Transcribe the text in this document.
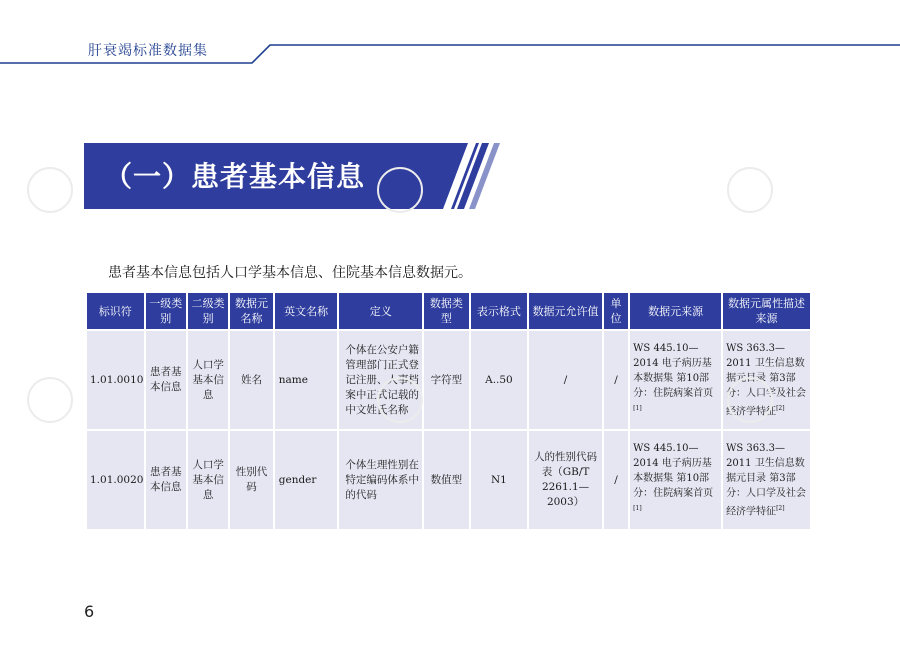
肝衰竭标准数据集
（一）患者基本信息
患者基本信息包括人口学基本信息、住院基本信息数据元。
标识符	一级类别	二级类别	数据元名称	英文名称	定义	数据类型	表示格式	数据元允许值	单位	数据元来源	数据元属性描述来源
1.01.0010	患者基本信息	人口学基本信息	姓名	name	个体在公安户籍管理部门正式登记注册、人事档案中正式记载的中文姓氏名称	字符型	A..50	/	/	WS 445.10—2014 电子病历基本数据集 第10部分：住院病案首页[1]	WS 363.3—2011 卫生信息数据元目录 第3部分：人口学及社会经济学特征[2]
1.01.0020	患者基本信息	人口学基本信息	性别代码	gender	个体生理性别在特定编码体系中的代码	数值型	N1	人的性别代码表（GB/T 2261.1—2003）	/	WS 445.10—2014 电子病历基本数据集 第10部分：住院病案首页[1]	WS 363.3—2011 卫生信息数据元目录 第3部分：人口学及社会经济学特征[2]
6
